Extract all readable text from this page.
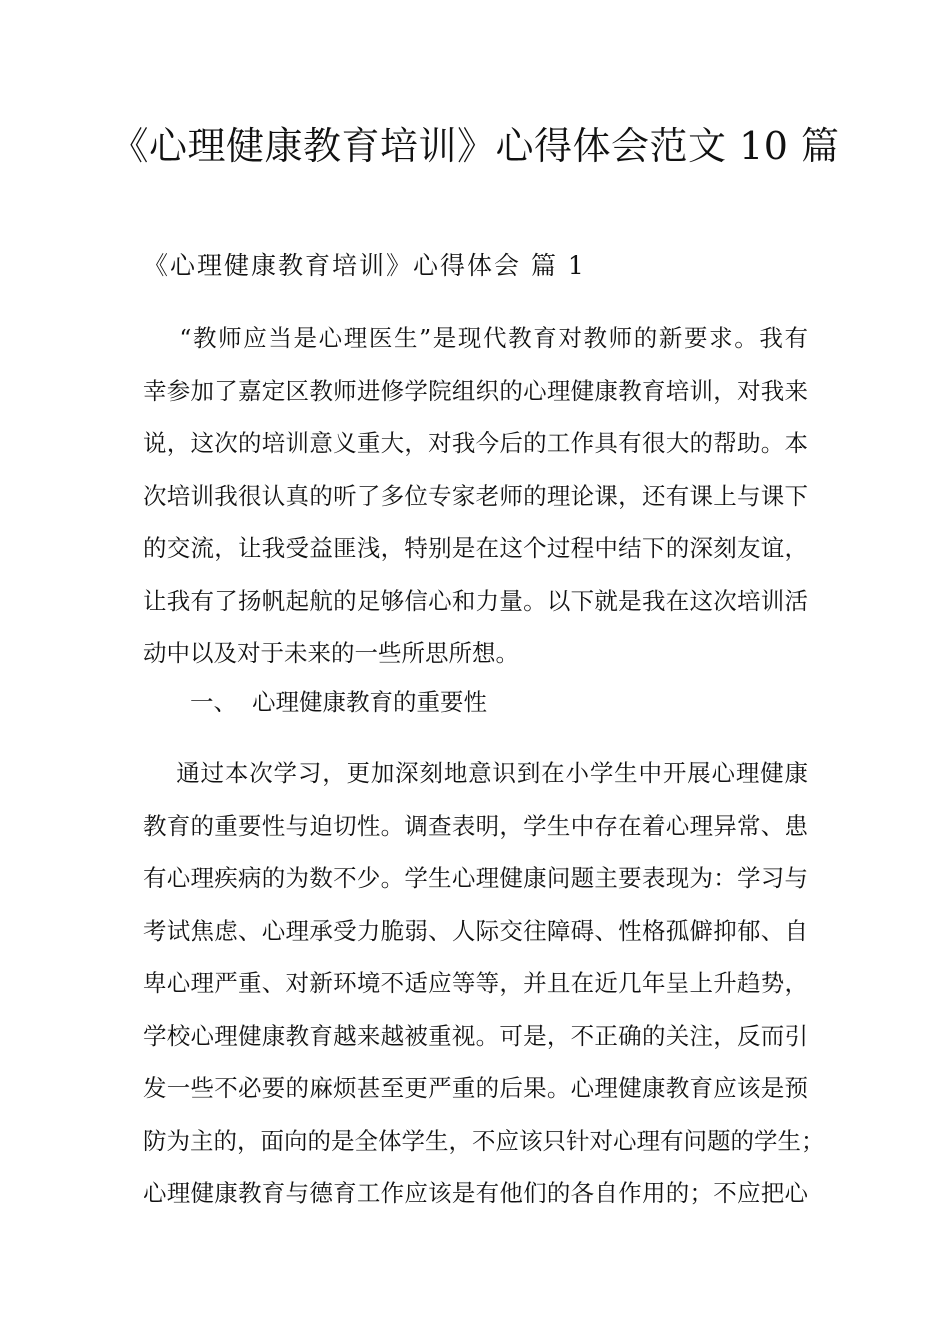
《心理健康教育培训》心得体会范文 10 篇
《心理健康教育培训》心得体会 篇 1
“教师应当是心理医生”是现代教育对教师的新要求。我有
幸参加了嘉定区教师进修学院组织的心理健康教育培训，对我来
说，这次的培训意义重大，对我今后的工作具有很大的帮助。本
次培训我很认真的听了多位专家老师的理论课，还有课上与课下
的交流，让我受益匪浅，特别是在这个过程中结下的深刻友谊，
让我有了扬帆起航的足够信心和力量。以下就是我在这次培训活
动中以及对于未来的一些所思所想。
一、  心理健康教育的重要性
通过本次学习，更加深刻地意识到在小学生中开展心理健康
教育的重要性与迫切性。调查表明，学生中存在着心理异常、患
有心理疾病的为数不少。学生心理健康问题主要表现为：学习与
考试焦虑、心理承受力脆弱、人际交往障碍、性格孤僻抑郁、自
卑心理严重、对新环境不适应等等，并且在近几年呈上升趋势，
学校心理健康教育越来越被重视。可是，不正确的关注，反而引
发一些不必要的麻烦甚至更严重的后果。心理健康教育应该是预
防为主的，面向的是全体学生，不应该只针对心理有问题的学生；
心理健康教育与德育工作应该是有他们的各自作用的；不应把心
